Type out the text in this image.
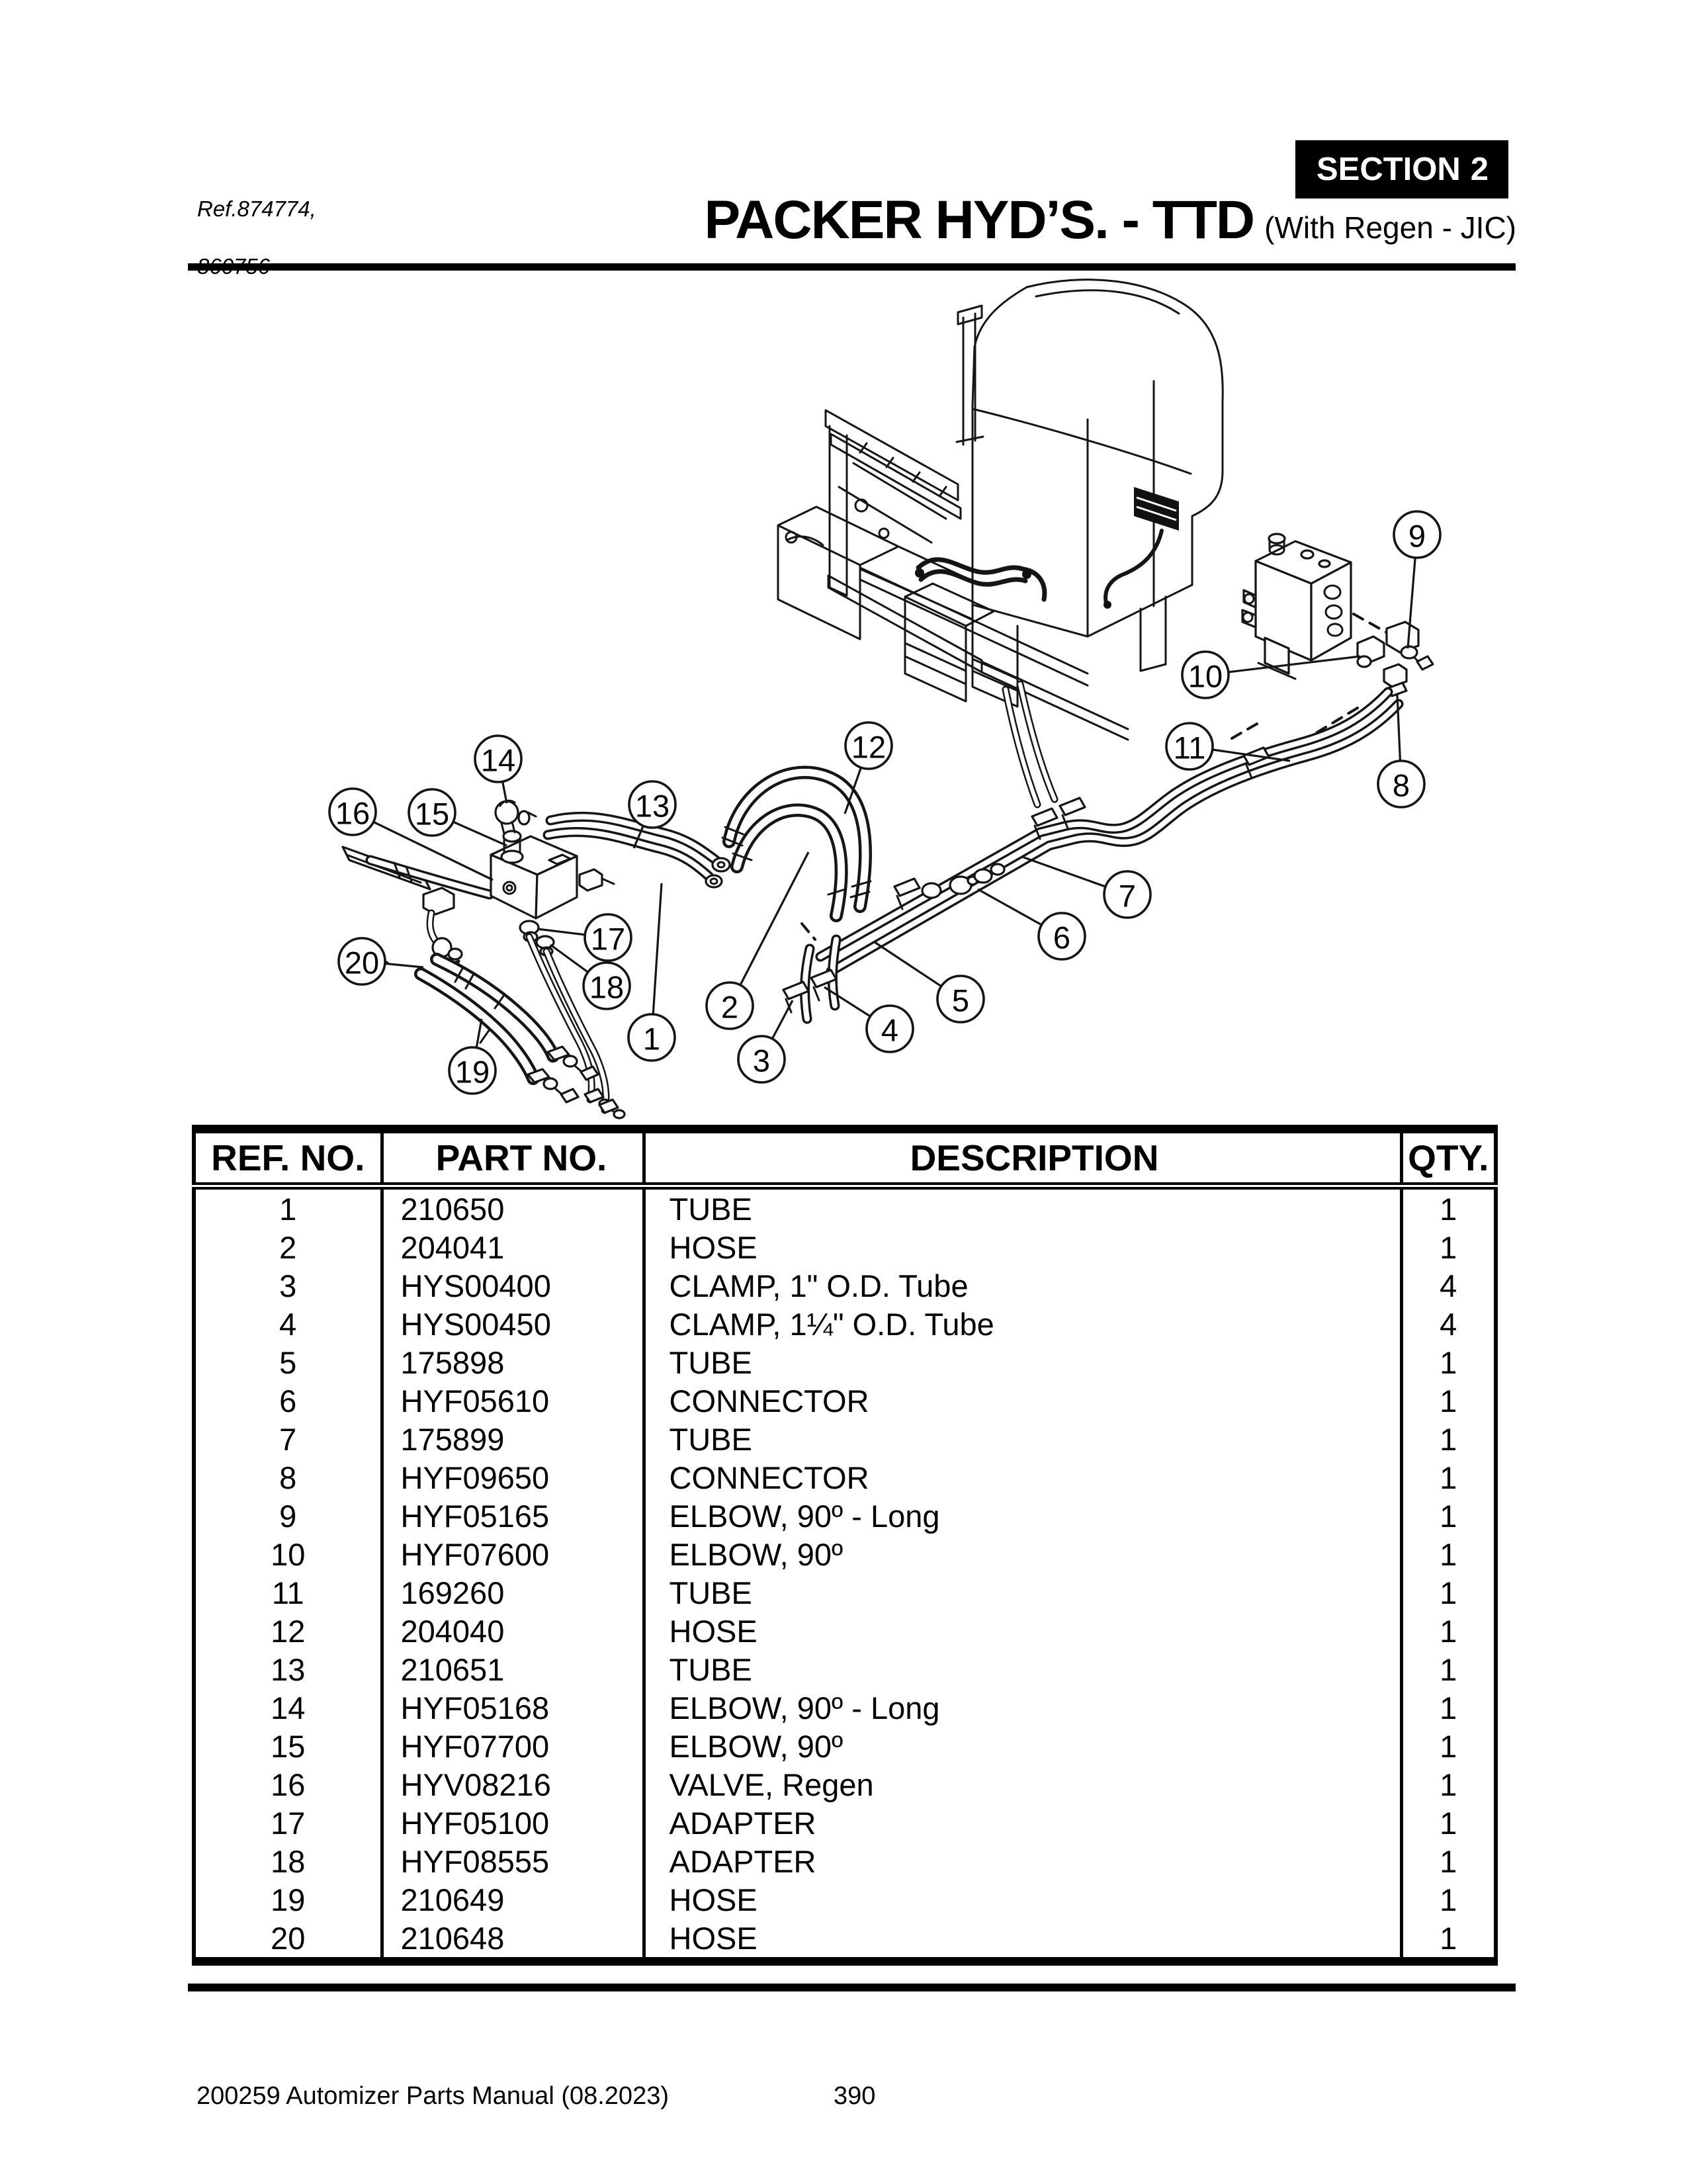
Ref.874774,

SECTION 2
PACKER HYD’S. - TTD (With Regen - JIC)
1
2
3
4
5
6
7
8
9
10
11
12
13
14
15
16
17
18
19
20
REF. NO.	PART NO.	DESCRIPTION	QTY.
1	210650	TUBE	1
2	204041	HOSE	1
3	HYS00400	CLAMP, 1" O.D. Tube	4
4	HYS00450	CLAMP, 1¼" O.D. Tube	4
5	175898	TUBE	1
6	HYF05610	CONNECTOR	1
7	175899	TUBE	1
8	HYF09650	CONNECTOR	1
9	HYF05165	ELBOW, 90º - Long	1
10	HYF07600	ELBOW, 90º	1
11	169260	TUBE	1
12	204040	HOSE	1
13	210651	TUBE	1
14	HYF05168	ELBOW, 90º - Long	1
15	HYF07700	ELBOW, 90º	1
16	HYV08216	VALVE, Regen	1
17	HYF05100	ADAPTER	1
18	HYF08555	ADAPTER	1
19	210649	HOSE	1
20	210648	HOSE	1
200259 Automizer Parts Manual (08.2023)	390
